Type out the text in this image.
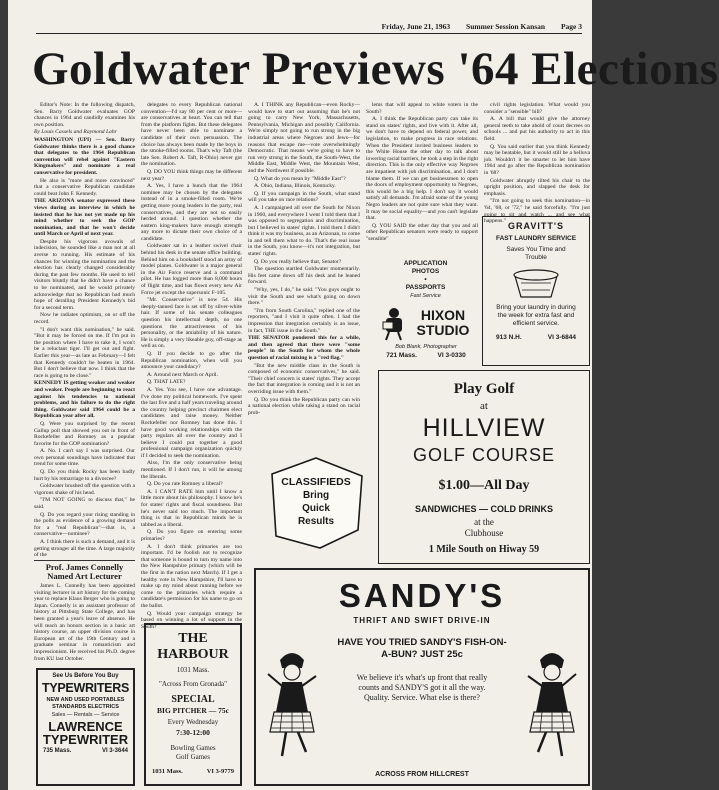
Friday, June 21, 1963 Summer Session Kansan Page 3
Goldwater Previews '64 Elections

Editor's Note: In the following dispatch, Sen. Barry Goldwater evaluates GOP chances in 1964 and candidly examines his own position.

By Louis Cassels and Raymond Lahr

WASHINGTON (UPI) — Sen. Barry Goldwater thinks there is a good chance that delegates to the 1964 Republican convention will rebel against "Eastern Kingmakers" and nominate a real conservative for president.

He also is "more and more convinced" that a conservative Republican candidate could beat John F. Kennedy.

THE ARIZONA senator expressed these views during an interview in which he insisted that he has not yet made up his mind whether to seek the GOP nomination, and that he won't decide until March or April of next year.

Despite his vigorous avowals of indecision, he sounded like a man not at all averse to running. His estimate of his chances for winning the nomination and the election has clearly changed considerably during the past few months. He used to tell visitors bluntly that he didn't have a chance to be nominated, and he would privately acknowledge that no Republican had much hope of derailing President Kennedy's bid for a second term.

Now he radiates optimism, on or off the record.

"I don't want this nomination," he said. "But it may be forced on me. If I'm put in the position where I have to take it, I won't be a reluctant tiger. I'll get out and fight. Earlier this year—as late as February—I felt that Kennedy couldn't be beaten in 1964. But I don't believe that now. I think that the race is going to be close."

KENNEDY IS getting weaker and weaker and weaker. People are beginning to react against his tendencies to national problems, and his failure to do the right thing. Goldwater said 1964 could be a Republican year after all.

Q. Were you surprised by the recent Gallup poll that showed you out in front of Rockefeller and Romney as a popular favorite for the GOP nomination?

A. No. I can't say I was surprised. Our own personal soundings have indicated that trend for some time.

Q. Do you think Rocky has been badly hurt by his remarriage to a divorcee?

Goldwater brushed off the question with a vigorous shake of his head.

"I'M NOT GOING to discuss that," he said.

Q. Do you regard your rising standing in the polls as evidence of a growing demand for a "real Republican"—that is, a conservative—nominee?

A. I think there is such a demand, and it is getting stronger all the time. A large majority of the

delegates to every Republican national convention—I'd say 80 per cent or more—are conservatives at heart. You can tell that from the platform fights. But these delegates have never been able to nominate a candidate of their own persuasion. The choice has always been made by the boys in the smoke-filled rooms. That's why Taft (the late Sen. Robert A. Taft, R-Ohio) never got the nomination.

Q. DO YOU think things may be different next year?

A. Yes, I have a hunch that the 1964 nominee may be chosen by the delegates instead of in a smoke-filled room. We're getting more young leaders in the party, real conservatives, and they are not so easily herded around. I question whether the eastern king-makers have enough strength any more to dictate their own choice of a candidate.

Goldwater sat in a leather swivel chair behind his desk in the senate office building. Behind him on a bookshelf stood an array of model planes. Goldwater is a major general in the Air Force reserve and a command pilot. He has logged more than 8,000 hours of flight time, and has flown every new Air Force jet except the supersonic F-105.

"Mr. Conservative" is now 54. His deeply-tanned face is set off by silver-white hair. If some of his senate colleagues question his intellectual depth, no one questions the attractiveness of his personality, or the amiability of his nature. He is simply a very likeable guy, off-stage as well as on.

Q. If you decide to go after the Republican nomination, when will you announce your candidacy?

A. Around next March or April.

Q. THAT LATE?

A. Yes. You see, I have one advantage. I've done my political homework. I've spent the last five and a half years traveling around the country helping precinct chairmen elect candidates and raise money. Neither Rockefeller nor Romney has done this. I have good working relationships with the party regulars all over the country and I believe I could put together a good professional campaign organization quickly if I decided to seek the nomination.

Also, I'm the only conservative being mentioned. If I don't run, it will be among the liberals.

Q. Do you rate Romney a liberal?

A. I CAN'T RATE him until I know a little more about his philosophy. I know he's for states' rights and fiscal soundness. But he's never said too much. The important thing is that in Republican minds he is tabbed as a liberal.

Q. Do you figure on entering some primaries?

A. I don't think primaries are too important. I'd be foolish not to recognize that someone is bound to turn my name into the New Hampshire primary (which will be the first in the nation next March). If I get a healthy vote in New Hampshire, I'll have to make up my mind about running before we come to the primaries which require a candidate's permission for his name to go on the ballot.

Q. Would your campaign strategy be based on winning a lot of support in the South?

A. I THINK any Republican—even Rocky—would have to start out assuming that he's not going to carry New York, Massachusetts, Pennsylvania, Michigan and possibly California. We're simply not going to run strong in the big industrial areas where Negroes and Jews—for reasons that escape me—vote overwhelmingly Democratic. That means we're going to have to run very strong in the South, the South-West, the Middle East, Middle West, the Mountain West, and the Northwest if possible.

Q. What do you mean by "Middle East"?

A. Ohio, Indiana, Illinois, Kentucky.

Q. If you campaign in the South, what stand will you take on race relations?

A. I campaigned all over the South for Nixon in 1960, and everywhere I went I told them that I was opposed to segregation and discrimination, but I believed in states' rights. I told them I didn't think it was my business, as an Arizonan, to come in and tell them what to do. That's the real issue in the South, you know—it's not integration, but states' rights.

Q. Do you really believe that, Senator?

The question startled Goldwater momentarily. His feet came down off his desk and he leaned forward.

"Why, yes, I do," he said. "You guys ought to visit the South and see what's going on down there."

"I'm from South Carolina," replied one of the reporters, "and I visit it quite often. I had the impression that integration certainly is an issue, in fact, THE issue in the South."

THE SENATOR pondered this for a while, and then agreed that there were "some people" in the South for whom the whole question of racial mixing is a "red flag."

"But the new middle class in the South is composed of economic conservatives," he said. "Their chief concern is states' rights. They accept the fact that integration is coming and it is not an overriding issue with them."

Q. Do you think the Republican party can win a national election while taking a stand on racial prob-

lems that will appeal to white voters in the South?

A. I think the Republican party can take its stand on states' rights, and live with it. After all, we don't have to depend on federal power, and legislation, to make progress in race relations. When the President invited business leaders to the White House the other day to talk about lowering racial barriers, he took a step in the right direction. This is the only effective way Negroes are impatient with job discrimination, and I don't blame them. If we can get businessmen to open the doors of employment opportunity to Negroes, this would be a big help. I don't say it would satisfy all demands. I'm afraid some of the young Negro leaders are not quite sure what they want. It may be social equality—and you can't legislate that.

Q. YOU SAID the other day that you and all other Republican senators were ready to support "sensible"

civil rights legislation. What would you consider a "sensible" bill?

A. A bill that would give the attorney general teeth to take ahold of court decrees on schools ... and put his authority to act in this field.

Q. You said earlier that you think Kennedy may be beatable, but it would still be a helluva job. Wouldn't it be smarter to let him have 1964 and go after the Republican nomination in '68?

Goldwater abruptly tilted his chair to the upright position, and slapped the desk for emphasis.

"I'm not going to seek this nomination—in '64, '68, or '72," he said forcefully. "I'm just going to sit and watch ... and see what happens."

Prof. James Connelly Named Art Lecturer

James L. Connelly has been appointed visiting lecturer in art history for the coming year to replace Klaus Berger who is going to Japan. Connelly is an assistant professor of history at Pittsburg State College, and has been granted a year's leave of absence. He will teach an honors section in a basic art history course, an upper division course in European art of the 19th Century and a graduate seminar in romanticism and impressionism. He received his Ph.D. degree from KU last October.

See Us Before You Buy
TYPEWRITERS
NEW AND USED PORTABLES STANDARDS ELECTRICS
Sales — Rentals — Service
LAWRENCE
TYPEWRITER
735 Mass.	VI 3-3644
THE HARBOUR
1031 Mass.
"Across From Gronada"
SPECIAL
BIG PITCHER — 75c
Every Wednesday
7:30-12:00
Bowling Games
Golf Games
1031 Mass.	VI 3-9779
CLASSIFIEDS
Bring
Quick
Results
APPLICATION
PHOTOS
•
PASSPORTS
Fast Service
HIXON
STUDIO
Bob Blank, Photographer
721 Mass.	VI 3-0330
GRAVITT'S
FAST LAUNDRY SERVICE
Saves You Time and Trouble
Bring your laundry in during the week for extra fast and efficient service.
913 N.H.	VI 3-6844
Play Golf
at
HILLVIEW
GOLF COURSE
$1.00—All Day
SANDWICHES — COLD DRINKS
at the
Clubhouse
1 Mile South on Hiway 59
SANDY'S
THRIFT AND SWIFT DRIVE-IN
HAVE YOU TRIED SANDY'S FISH-ON-A-BUN? JUST 25c
We believe it's what's up front that really counts and SANDY'S got it all the way. Quality. Service. What else is there?
ACROSS FROM HILLCREST
